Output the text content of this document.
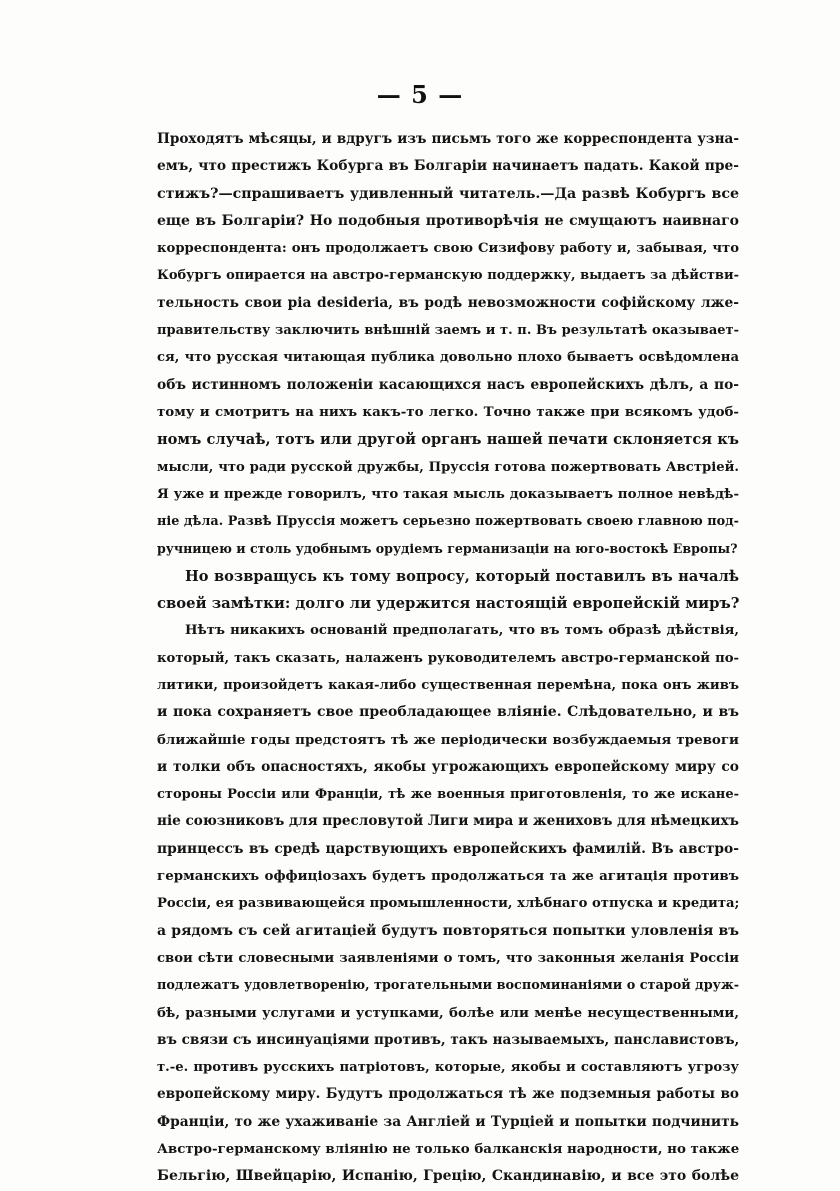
— 5 —
Проходятъ мѣсяцы, и вдругъ изъ письмъ того же корреспондента узна-
емъ, что престижъ Кобурга въ Болгаріи начинаетъ падать. Какой пре-
стижъ?—спрашиваетъ удивленный читатель.—Да развѣ Кобургъ все
еще въ Болгаріи? Но подобныя противорѣчія не смущаютъ наивнаго
корреспондента: онъ продолжаетъ свою Сизифову работу и, забывая, что
Кобургъ опирается на австро-германскую поддержку, выдаетъ за дѣйстви-
тельность свои pia desideria, въ родѣ невозможности софійскому лже-
правительству заключить внѣшній заемъ и т. п. Въ результатѣ оказывает-
ся, что русская читающая публика довольно плохо бываетъ освѣдомлена
объ истинномъ положеніи касающихся насъ европейскихъ дѣлъ, а по-
тому и смотритъ на нихъ какъ-то легко. Точно также при всякомъ удоб-
номъ случаѣ, тотъ или другой органъ нашей печати склоняется къ
мысли, что ради русской дружбы, Пруссія готова пожертвовать Австріей.
Я уже и прежде говорилъ, что такая мысль доказываетъ полное невѣдѣ-
ніе дѣла. Развѣ Пруссія можетъ серьезно пожертвовать своею главною под-
ручницею и столь удобнымъ орудіемъ германизаціи на юго-востокѣ Европы?
Но возвращусь къ тому вопросу, который поставилъ въ началѣ
своей замѣтки: долго ли удержится настоящій европейскій миръ?
Нѣтъ никакихъ основаній предполагать, что въ томъ образѣ дѣйствія,
который, такъ сказать, налаженъ руководителемъ австро-германской по-
литики, произойдетъ какая-либо существенная перемѣна, пока онъ живъ
и пока сохраняетъ свое преобладающее вліяніе. Слѣдовательно, и въ
ближайшіе годы предстоятъ тѣ же періодически возбуждаемыя тревоги
и толки объ опасностяхъ, якобы угрожающихъ европейскому миру со
стороны Россіи или Франціи, тѣ же военныя приготовленія, то же искане-
ніе союзниковъ для пресловутой Лиги мира и жениховъ для нѣмецкихъ
принцессъ въ средѣ царствующихъ европейскихъ фамилій. Въ австро-
германскихъ оффиціозахъ будетъ продолжаться та же агитація противъ
Россіи, ея развивающейся промышленности, хлѣбнаго отпуска и кредита;
а рядомъ съ сей агитаціей будутъ повторяться попытки уловленія въ
свои сѣти словесными заявленіями о томъ, что законныя желанія Россіи
подлежатъ удовлетворенію, трогательными воспоминаніями о старой друж-
бѣ, разными услугами и уступками, болѣе или менѣе несущественными,
въ связи съ инсинуаціями противъ, такъ называемыхъ, панславистовъ,
т.-е. противъ русскихъ патріотовъ, которые, якобы и составляютъ угрозу
европейскому миру. Будутъ продолжаться тѣ же подземныя работы во
Франціи, то же ухаживаніе за Англіей и Турціей и попытки подчинить
Австро-германскому вліянію не только балканскія народности, но также
Бельгію, Швейцарію, Испанію, Грецію, Скандинавію, и все это болѣе
